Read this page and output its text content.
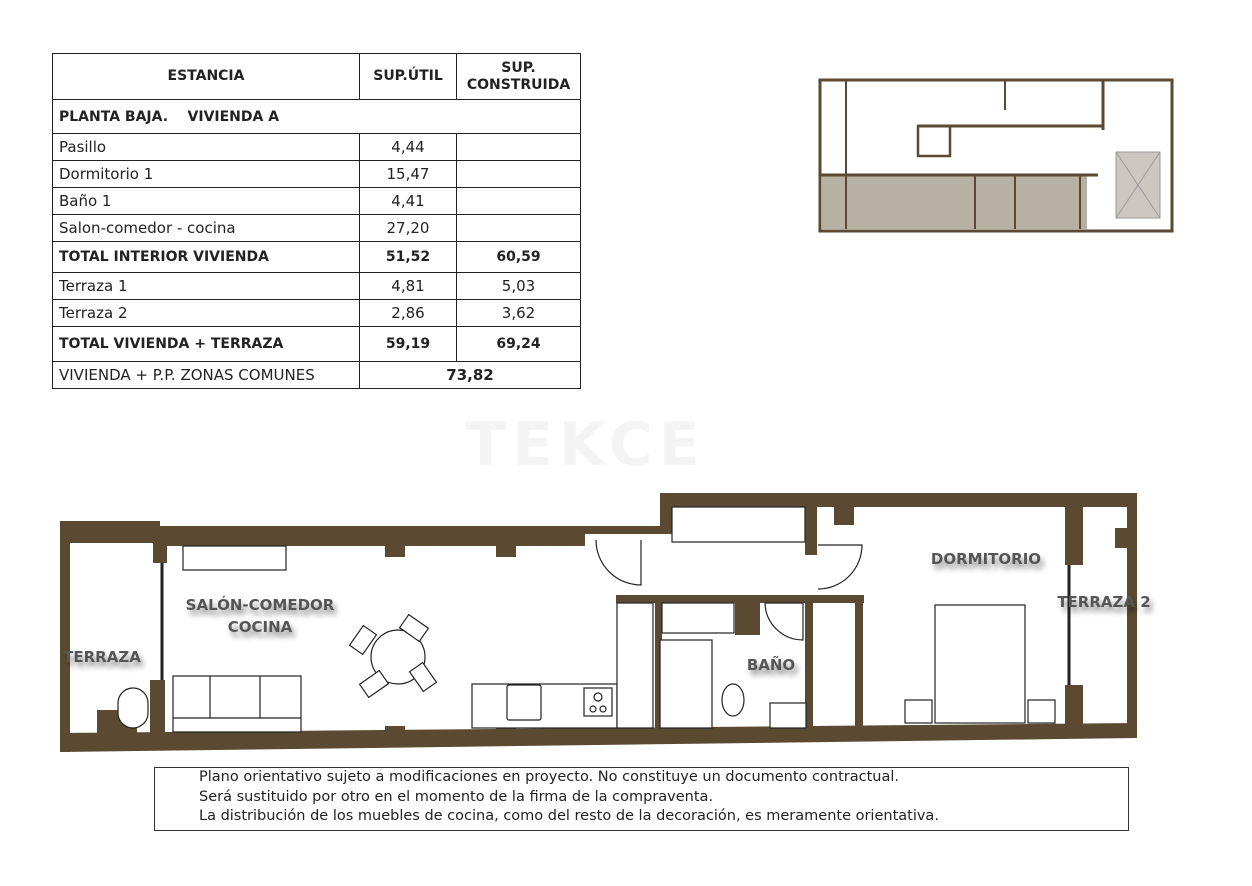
ESTANCIA	SUP.ÚTIL	SUP.
CONSTRUIDA
PLANTA BAJA.    VIVIENDA A		
Pasillo	4,44	
Dormitorio 1	15,47	
Baño 1	4,41	
Salon-comedor - cocina	27,20	
TOTAL INTERIOR VIVIENDA	51,52	60,59
Terraza 1	4,81	5,03
Terraza 2	2,86	3,62
TOTAL VIVIENDA + TERRAZA	59,19	69,24
VIVIENDA + P.P. ZONAS COMUNES	73,82	
SALÓN-COMEDOR
COCINA
TERRAZA	BAÑO
DORMITORIO
TERRAZA 2
Plano orientativo sujeto a modificaciones en proyecto. No constituye un documento contractual.
Será sustituido por otro en el momento de la firma de la compraventa.
La distribución de los muebles de cocina, como del resto de la decoración, es meramente orientativa.
